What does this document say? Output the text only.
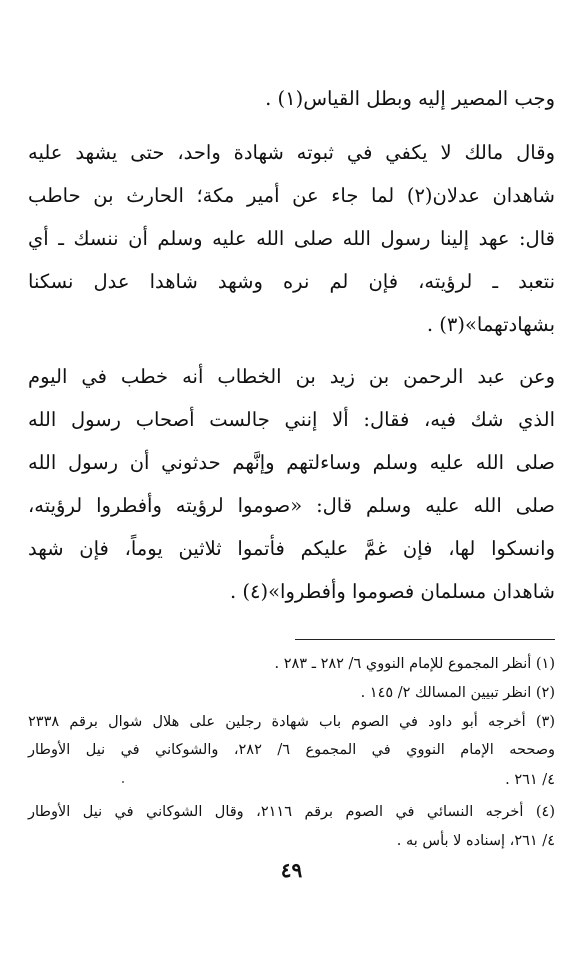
وجب المصير إليه وبطل القياس(١) .
وقال مالك لا يكفي في ثبوته شهادة واحد، حتى يشهد عليه
شاهدان عدلان(٢) لما جاء عن أمير مكة؛ الحارث بن حاطب
قال: عهد إلينا رسول الله صلى الله عليه وسلم أن ننسك ـ أي
نتعبد ـ لرؤيته، فإن لم نره وشهد شاهدا عدل نسكنا
بشهادتهما»(٣) .
وعن عبد الرحمن بن زيد بن الخطاب أنه خطب في اليوم
الذي شك فيه، فقال: ألا إنني جالست أصحاب رسول الله
صلى الله عليه وسلم وساءلتهم وإنَّهم حدثوني أن رسول الله
صلى الله عليه وسلم قال: «صوموا لرؤيته وأفطروا لرؤيته،
وانسكوا لها، فإن غمَّ عليكم فأتموا ثلاثين يوماً، فإن شهد
شاهدان مسلمان فصوموا وأفطروا»(٤) .
(١) أنظر المجموع للإمام النووي ٦/ ٢٨٢ ـ ٢٨٣ .
(٢) انظر تبيين المسالك ٢/ ١٤٥ .
(٣) أخرجه أبو داود في الصوم باب شهادة رجلين على هلال شوال برقم ٢٣٣٨
وصححه الإمام النووي في المجموع ٦/ ٢٨٢، والشوكاني في نيل الأوطار
٤/ ٢٦١ .
(٤) أخرجه النسائي في الصوم برقم ٢١١٦، وقال الشوكاني في نيل الأوطار
٤/ ٢٦١، إسناده لا بأس به .
٤٩
